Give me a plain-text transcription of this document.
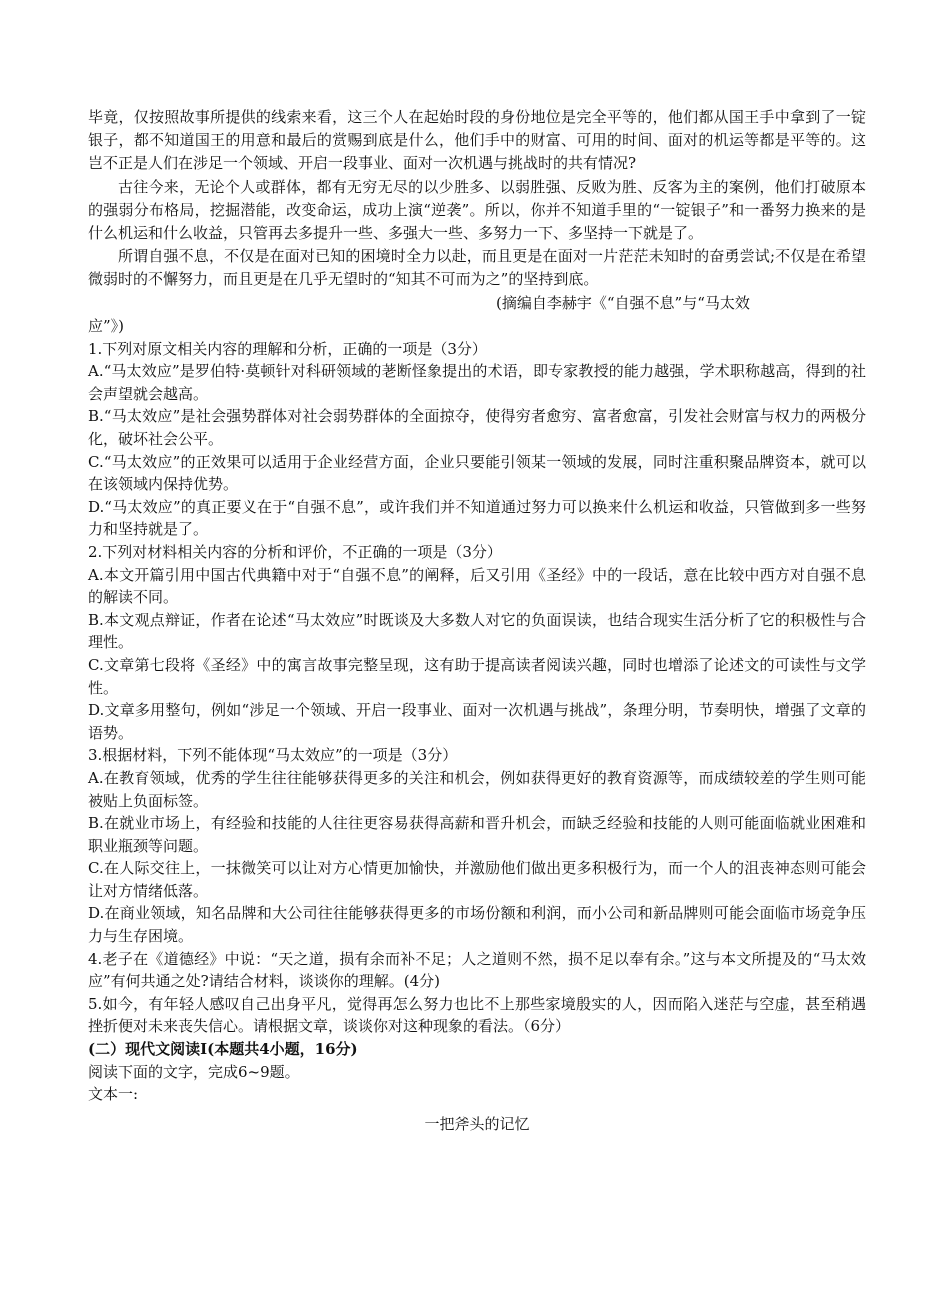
毕竟，仅按照故事所提供的线索来看，这三个人在起始时段的身份地位是完全平等的，他们都从国王手中拿到了一锭银子，都不知道国王的用意和最后的赏赐到底是什么，他们手中的财富、可用的时间、面对的机运等都是平等的。这岂不正是人们在涉足一个领域、开启一段事业、面对一次机遇与挑战时的共有情况?

古往今来，无论个人或群体，都有无穷无尽的以少胜多、以弱胜强、反败为胜、反客为主的案例，他们打破原本的强弱分布格局，挖掘潜能，改变命运，成功上演“逆袭”。所以，你并不知道手里的“一锭银子”和一番努力换来的是什么机运和什么收益，只管再去多提升一些、多强大一些、多努力一下、多坚持一下就是了。

所谓自强不息，不仅是在面对已知的困境时全力以赴，而且更是在面对一片茫茫未知时的奋勇尝试;不仅是在希望微弱时的不懈努力，而且更是在几乎无望时的“知其不可而为之”的坚持到底。

(摘编自李赫宇《“自强不息”与“马太效
应”》)

1.下列对原文相关内容的理解和分析，正确的一项是（3分）

A.“马太效应”是罗伯特·莫顿针对科研领域的荖断怪象提出的术语，即专家教授的能力越强，学术职称越高，得到的社会声望就会越高。

B.“马太效应”是社会强势群体对社会弱势群体的全面掠夺，使得穷者愈穷、富者愈富，引发社会财富与权力的两极分化，破坏社会公平。

C.“马太效应”的正效果可以适用于企业经营方面，企业只要能引领某一领域的发展，同时注重积聚品牌资本，就可以在该领域内保持优势。

D.“马太效应”的真正要义在于“自强不息”，或许我们并不知道通过努力可以换来什么机运和收益，只管做到多一些努力和坚持就是了。

2.下列对材料相关内容的分析和评价，不正确的一项是（3分）

A.本文开篇引用中国古代典籍中对于“自强不息”的阐释，后又引用《圣经》中的一段话，意在比较中西方对自强不息的解读不同。

B.本文观点辩证，作者在论述“马太效应”时既谈及大多数人对它的负面误读，也结合现实生活分析了它的积极性与合理性。

C.文章第七段将《圣经》中的寓言故事完整呈现，这有助于提高读者阅读兴趣，同时也增添了论述文的可读性与文学性。

D.文章多用整句，例如“涉足一个领域、开启一段事业、面对一次机遇与挑战”，条理分明，节奏明快，增强了文章的语势。

3.根据材料，下列不能体现“马太效应”的一项是（3分）

A.在教育领域，优秀的学生往往能够获得更多的关注和机会，例如获得更好的教育资源等，而成绩较差的学生则可能被贴上负面标签。

B.在就业市场上，有经验和技能的人往往更容易获得高薪和晋升机会，而缺乏经验和技能的人则可能面临就业困难和职业瓶颈等问题。

C.在人际交往上，一抹微笑可以让对方心情更加愉快，并激励他们做出更多积极行为，而一个人的沮丧神态则可能会让对方情绪低落。

D.在商业领域，知名品牌和大公司往往能够获得更多的市场份额和利润，而小公司和新品牌则可能会面临市场竞争压力与生存困境。

4.老子在《道德经》中说：“天之道，损有余而补不足；人之道则不然，损不足以奉有余。”这与本文所提及的“马太效应”有何共通之处?请结合材料，谈谈你的理解。(4分)

5.如今，有年轻人感叹自己出身平凡，觉得再怎么努力也比不上那些家境殷实的人，因而陷入迷茫与空虚，甚至稍遇挫折便对未来丧失信心。请根据文章，谈谈你对这种现象的看法。（6分）

(二）现代文阅读Ⅰ(本题共4小题，16分)

阅读下面的文字，完成6~9题。

文本一:

一把斧头的记忆
